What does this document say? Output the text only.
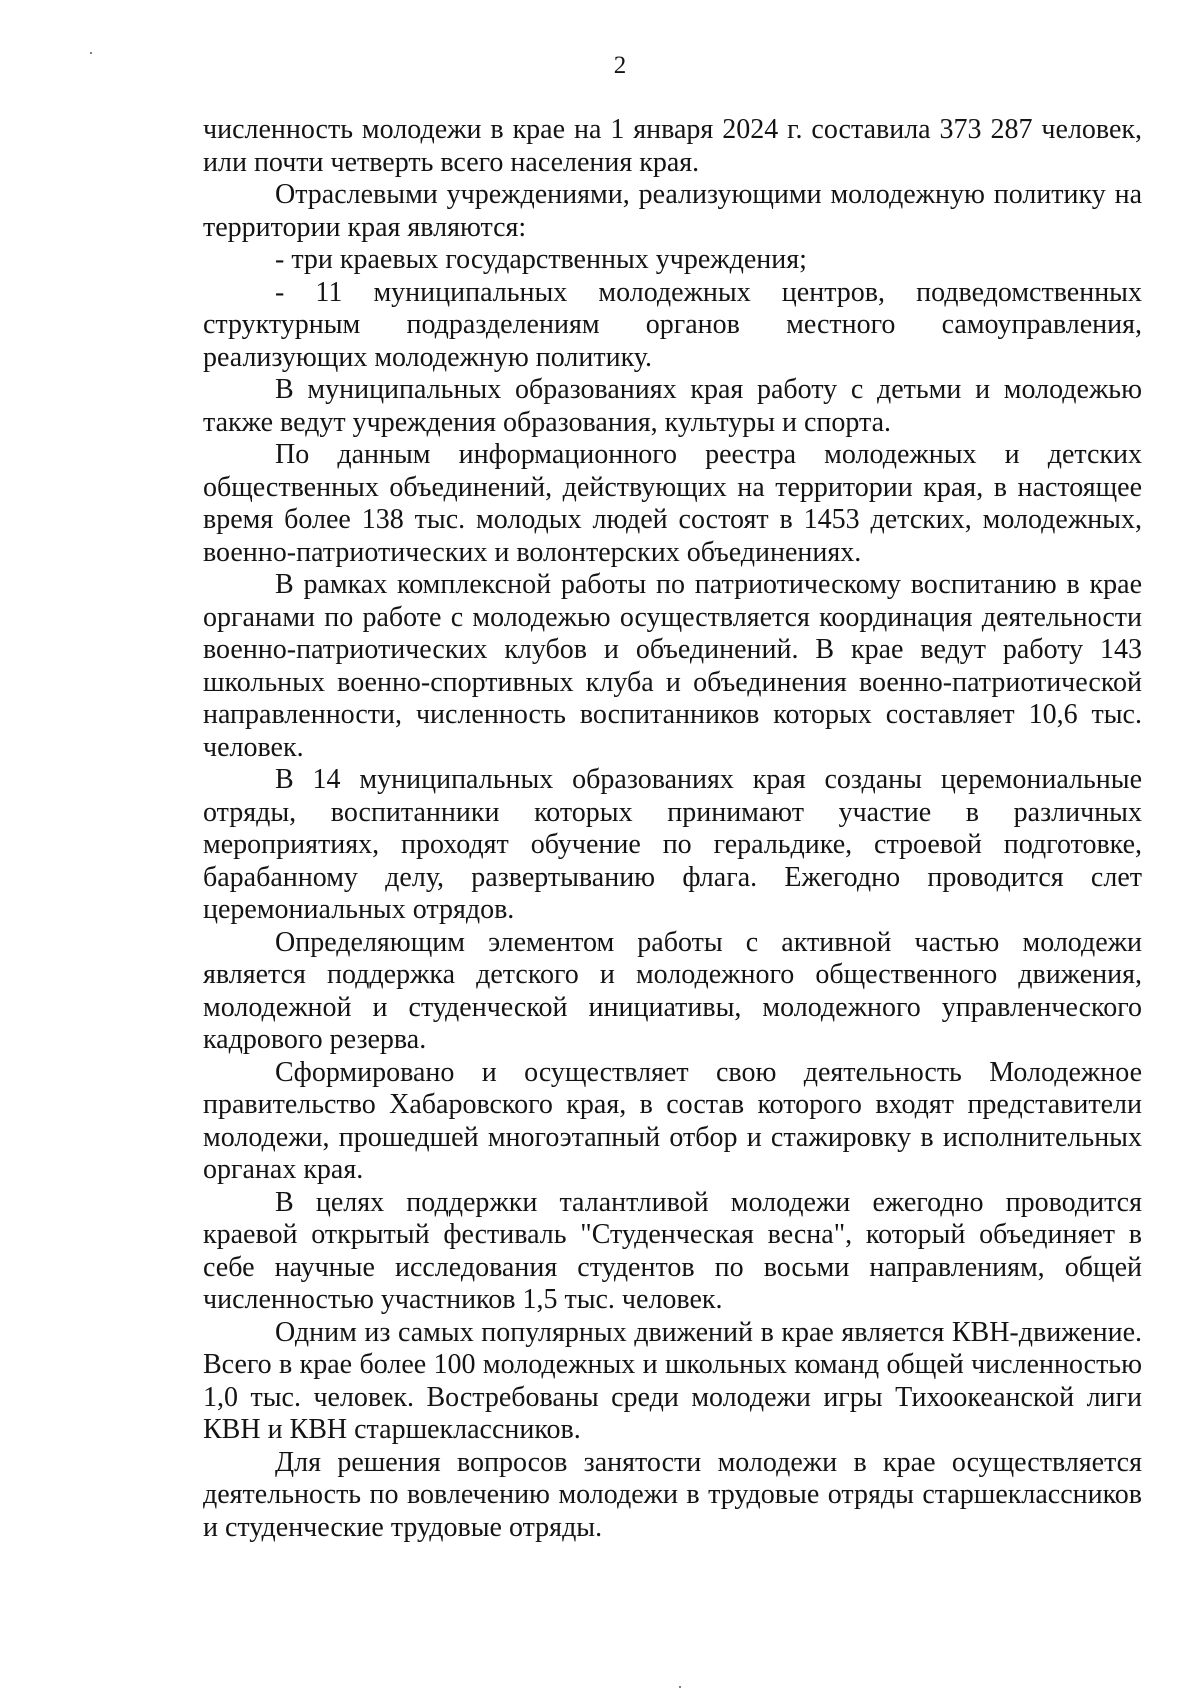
2

численность молодежи в крае на 1 января 2024 г. составила 373 287 человек, или почти четверть всего населения края.

Отраслевыми учреждениями, реализующими молодежную политику на территории края являются:

- три краевых государственных учреждения;

- 11 муниципальных молодежных центров, подведомственных структурным подразделениям органов местного самоуправления, реализующих молодежную политику.

В муниципальных образованиях края работу с детьми и молодежью также ведут учреждения образования, культуры и спорта.

По данным информационного реестра молодежных и детских общественных объединений, действующих на территории края, в настоящее время более 138 тыс. молодых людей состоят в 1453 детских, молодежных, военно-патриотических и волонтерских объединениях.

В рамках комплексной работы по патриотическому воспитанию в крае органами по работе с молодежью осуществляется координация деятельности военно-патриотических клубов и объединений. В крае ведут работу 143 школьных военно-спортивных клуба и объединения военно-патриотической направленности, численность воспитанников которых составляет 10,6 тыс. человек.

В 14 муниципальных образованиях края созданы церемониальные отряды, воспитанники которых принимают участие в различных мероприятиях, проходят обучение по геральдике, строевой подготовке, барабанному делу, развертыванию флага. Ежегодно проводится слет церемониальных отрядов.

Определяющим элементом работы с активной частью молодежи является поддержка детского и молодежного общественного движения, молодежной и студенческой инициативы, молодежного управленческого кадрового резерва.

Сформировано и осуществляет свою деятельность Молодежное правительство Хабаровского края, в состав которого входят представители молодежи, прошедшей многоэтапный отбор и стажировку в исполнительных органах края.

В целях поддержки талантливой молодежи ежегодно проводится краевой открытый фестиваль "Студенческая весна", который объединяет в себе научные исследования студентов по восьми направлениям, общей численностью участников 1,5 тыс. человек.

Одним из самых популярных движений в крае является КВН-движение. Всего в крае более 100 молодежных и школьных команд общей численностью 1,0 тыс. человек. Востребованы среди молодежи игры Тихоокеанской лиги КВН и КВН старшеклассников.

Для решения вопросов занятости молодежи в крае осуществляется деятельность по вовлечению молодежи в трудовые отряды старшеклассников и студенческие трудовые отряды.
